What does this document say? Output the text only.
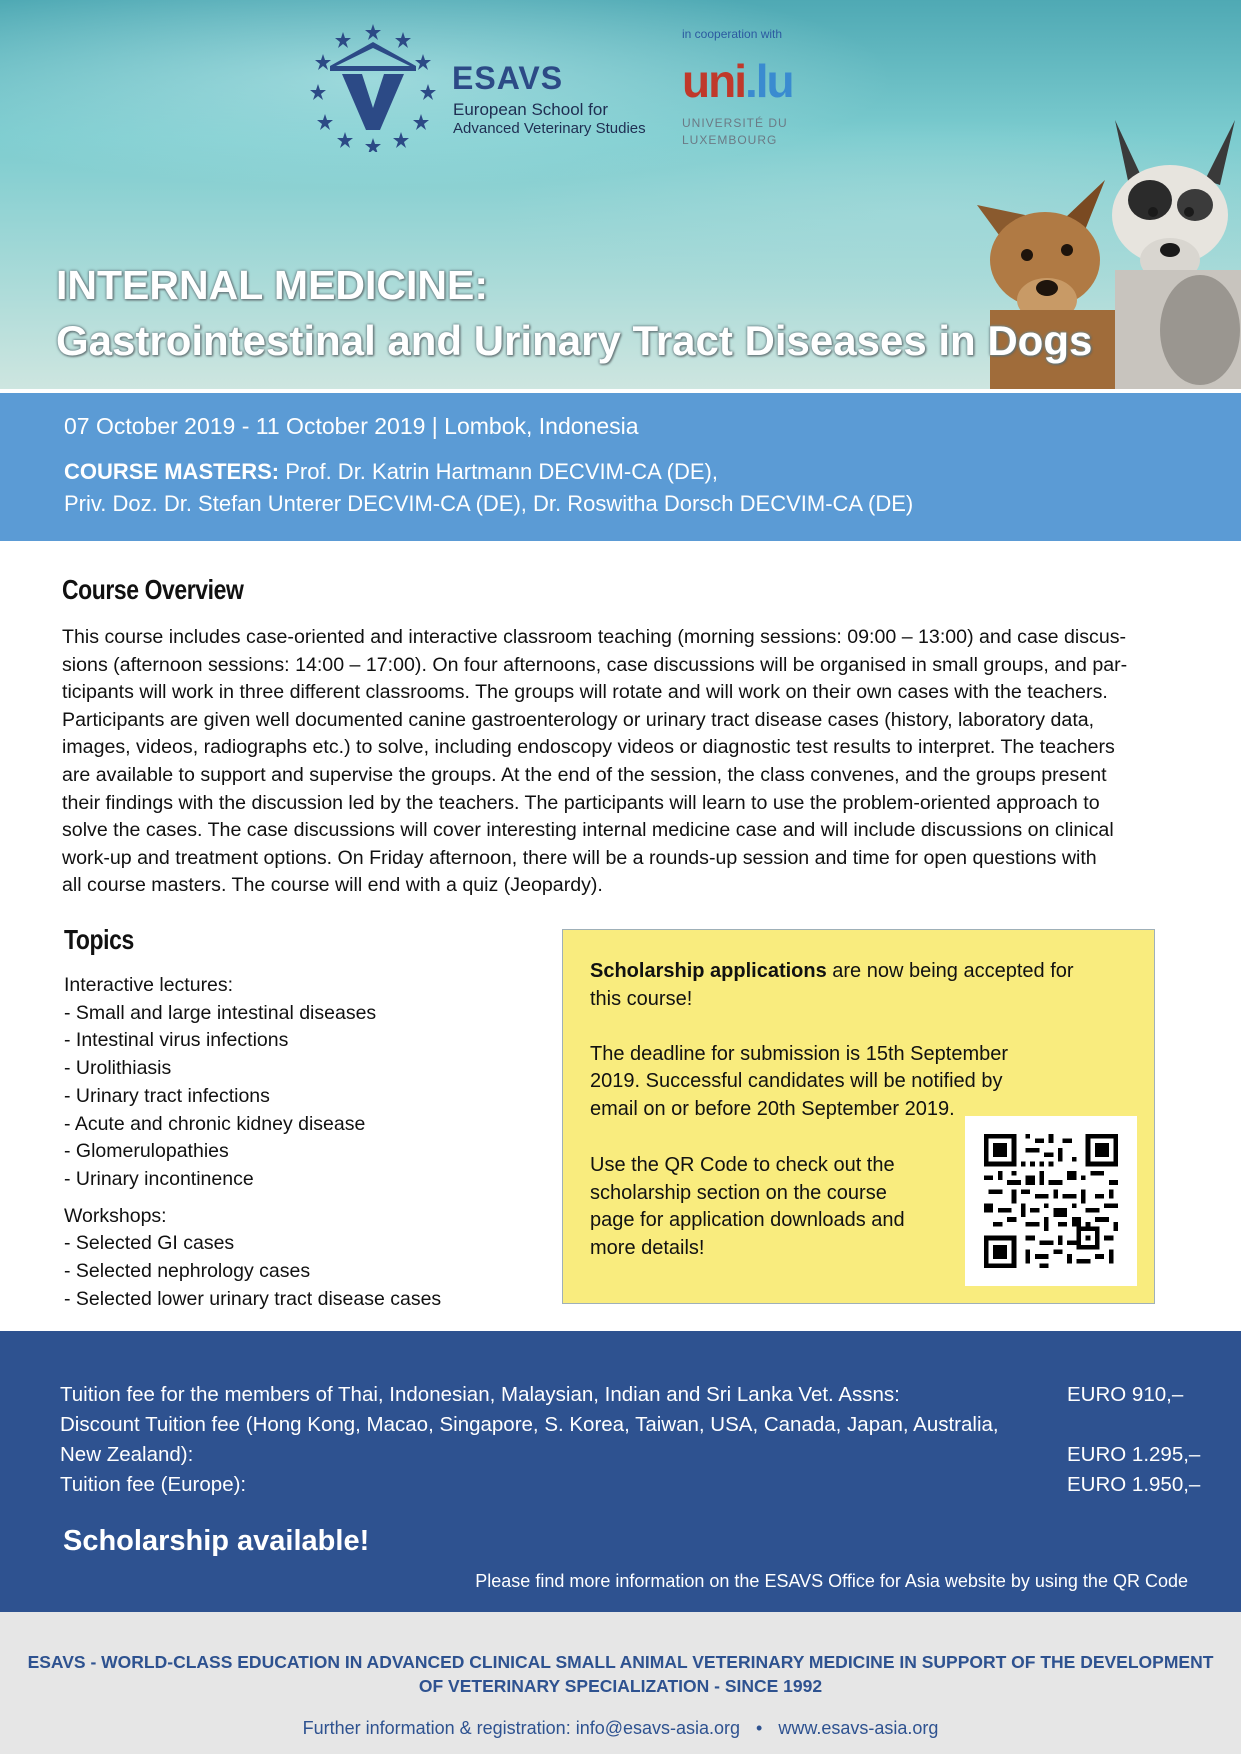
ESAVS
European School for
Advanced Veterinary Studies
in cooperation with
uni.lu
UNIVERSITÉ DU
LUXEMBOURG
INTERNAL MEDICINE:
Gastrointestinal and Urinary Tract Diseases in Dogs
07 October 2019 - 11 October 2019 | Lombok, Indonesia
COURSE MASTERS: Prof. Dr. Katrin Hartmann DECVIM-CA (DE),
Priv. Doz. Dr. Stefan Unterer DECVIM-CA (DE), Dr. Roswitha Dorsch DECVIM-CA (DE)
Course Overview
This course includes case-oriented and interactive classroom teaching (morning sessions: 09:00 – 13:00) and case discus-
sions (afternoon sessions: 14:00 – 17:00). On four afternoons, case discussions will be organised in small groups, and par-
ticipants will work in three different classrooms. The groups will rotate and will work on their own cases with the teachers.
Participants are given well documented canine gastroenterology or urinary tract disease cases (history, laboratory data,
images, videos, radiographs etc.) to solve, including endoscopy videos or diagnostic test results to interpret. The teachers
are available to support and supervise the groups. At the end of the session, the class convenes, and the groups present
their findings with the discussion led by the teachers. The participants will learn to use the problem-oriented approach to
solve the cases. The case discussions will cover interesting internal medicine case and will include discussions on clinical
work-up and treatment options. On Friday afternoon, there will be a rounds-up session and time for open questions with
all course masters. The course will end with a quiz (Jeopardy).
Topics
Interactive lectures:
- Small and large intestinal diseases
- Intestinal virus infections
- Urolithiasis
- Urinary tract infections
- Acute and chronic kidney disease
- Glomerulopathies
- Urinary incontinence
Workshops:
- Selected GI cases
- Selected nephrology cases
- Selected lower urinary tract disease cases

Scholarship applications are now being accepted for this course!

The deadline for submission is 15th September 2019. Successful candidates will be notified by email on or before 20th September 2019.

Use the QR Code to check out the scholarship section on the course page for application downloads and more details!
Tuition fee for the members of Thai, Indonesian, Malaysian, Indian and Sri Lanka Vet. Assns:	EURO 910,–
Discount Tuition fee (Hong Kong, Macao, Singapore, S. Korea, Taiwan, USA, Canada, Japan, Australia,
New Zealand):	EURO 1.295,–
Tuition fee (Europe):	EURO 1.950,–
Scholarship available!
Please find more information on the ESAVS Office for Asia website by using the QR Code
ESAVS - WORLD-CLASS EDUCATION IN ADVANCED CLINICAL SMALL ANIMAL VETERINARY MEDICINE IN SUPPORT OF THE DEVELOPMENT
OF VETERINARY SPECIALIZATION - SINCE 1992
Further information & registration: info@esavs-asia.org • www.esavs-asia.org
